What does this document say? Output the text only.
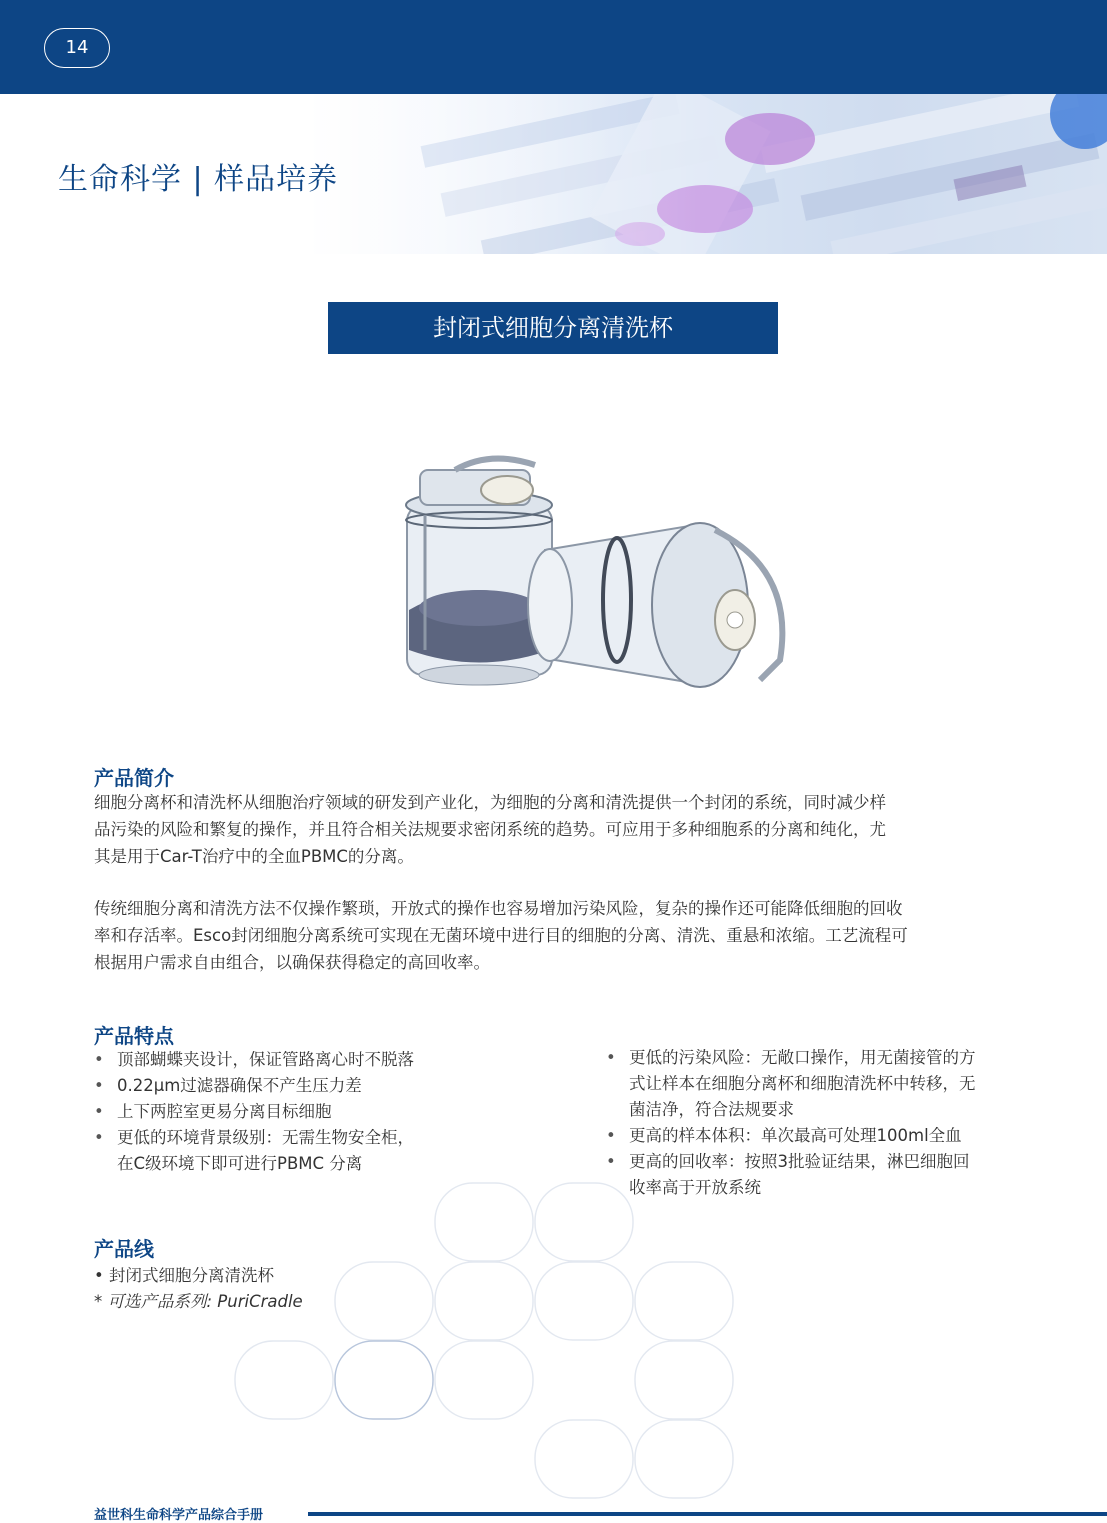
14
生命科学 | 样品培养
封闭式细胞分离清洗杯
产品简介
细胞分离杯和清洗杯从细胞治疗领域的研发到产业化，为细胞的分离和清洗提供一个封闭的系统，同时减少样
品污染的风险和繁复的操作，并且符合相关法规要求密闭系统的趋势。可应用于多种细胞系的分离和纯化，尤
其是用于Car-T治疗中的全血PBMC的分离。
传统细胞分离和清洗方法不仅操作繁琐，开放式的操作也容易增加污染风险，复杂的操作还可能降低细胞的回收
率和存活率。Esco封闭细胞分离系统可实现在无菌环境中进行目的细胞的分离、清洗、重悬和浓缩。工艺流程可
根据用户需求自由组合，以确保获得稳定的高回收率。
产品特点
• 顶部蝴蝶夹设计，保证管路离心时不脱落
• 0.22μm过滤器确保不产生压力差
• 上下两腔室更易分离目标细胞
• 更低的环境背景级别：无需生物安全柜，
在C级环境下即可进行PBMC 分离
• 更低的污染风险：无敞口操作，用无菌接管的方
式让样本在细胞分离杯和细胞清洗杯中转移，无
菌洁净，符合法规要求
• 更高的样本体积：单次最高可处理100ml全血
• 更高的回收率：按照3批验证结果，淋巴细胞回
收率高于开放系统
产品线
• 封闭式细胞分离清洗杯
* 可选产品系列: PuriCradle
益世科生命科学产品综合手册
